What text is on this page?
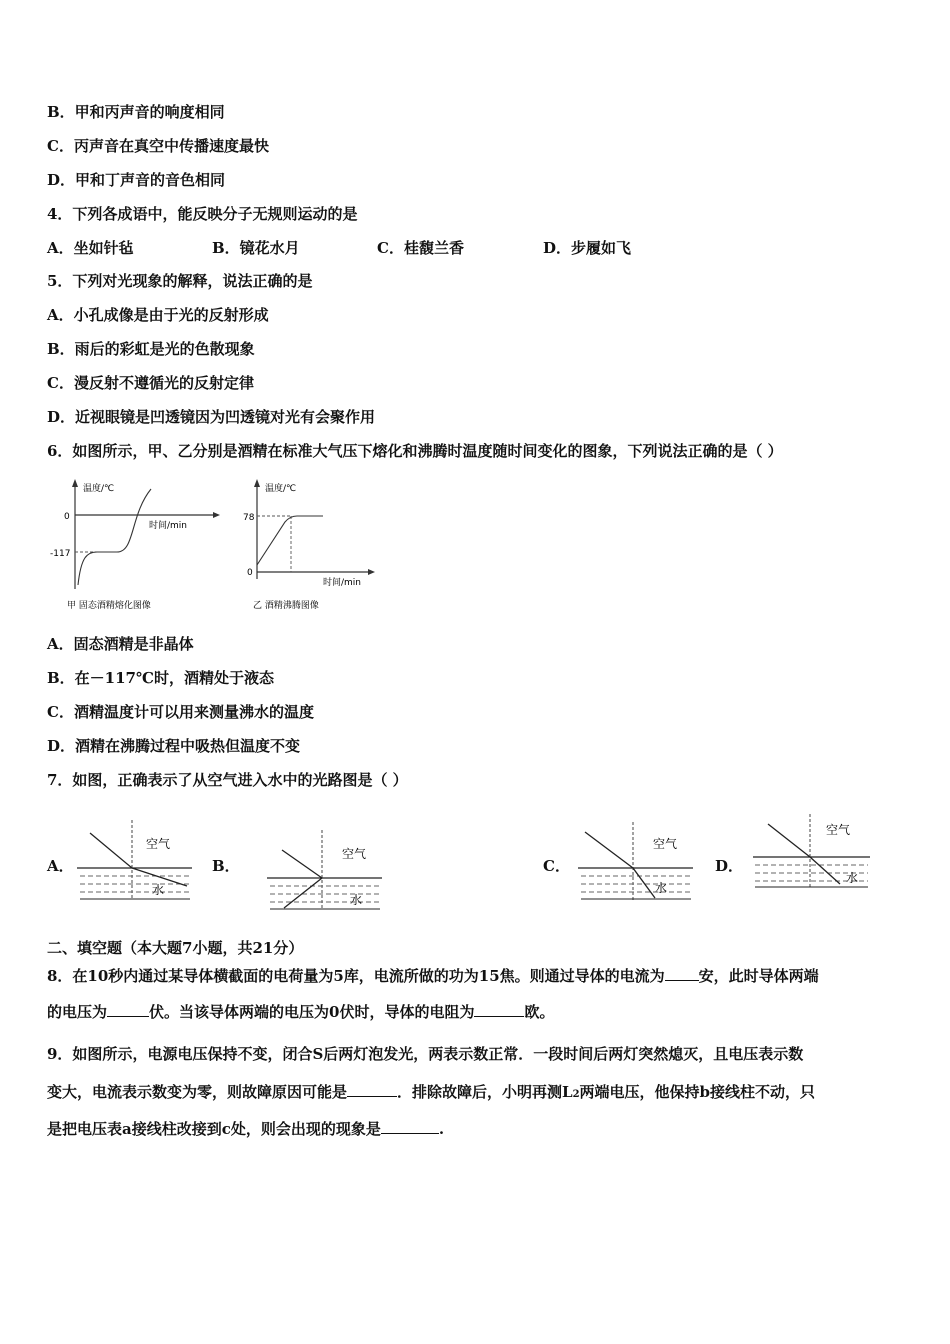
B．甲和丙声音的响度相同
C．丙声音在真空中传播速度最快
D．甲和丁声音的音色相同
4．下列各成语中，能反映分子无规则运动的是
A．坐如针毡	B．镜花水月	C．桂馥兰香	D．步履如飞
5．下列对光现象的解释，说法正确的是
A．小孔成像是由于光的反射形成
B．雨后的彩虹是光的色散现象
C．漫反射不遵循光的反射定律
D．近视眼镜是凹透镜因为凹透镜对光有会聚作用
6．如图所示，甲、乙分别是酒精在标准大气压下熔化和沸腾时温度随时间变化的图象，下列说法正确的是（ ）
温度/℃
时间/min
0
-117
甲 固态酒精熔化图像
温度/℃
时间/min
78
0
乙 酒精沸腾图像
A．固态酒精是非晶体
B．在－117℃时，酒精处于液态
C．酒精温度计可以用来测量沸水的温度
D．酒精在沸腾过程中吸热但温度不变
7．如图，正确表示了从空气进入水中的光路图是（ ）
A．
空气
水
B．
空气
水
C．
空气
水
D．
空气
水
二、填空题（本大题7小题，共21分）
8．在10秒内通过某导体横截面的电荷量为5库，电流所做的功为15焦。则通过导体的电流为 安，此时导体两端
的电压为	伏。当该导体两端的电压为0伏时，导体的电阻为	欧。
9．如图所示，电源电压保持不变，闭合S后两灯泡发光，两表示数正常．一段时间后两灯突然熄灭，且电压表示数
变大，电流表示数变为零，则故障原因可能是	．排除故障后，小明再测L2两端电压，他保持b接线柱不动，只
是把电压表a接线柱改接到c处，则会出现的现象是	.
